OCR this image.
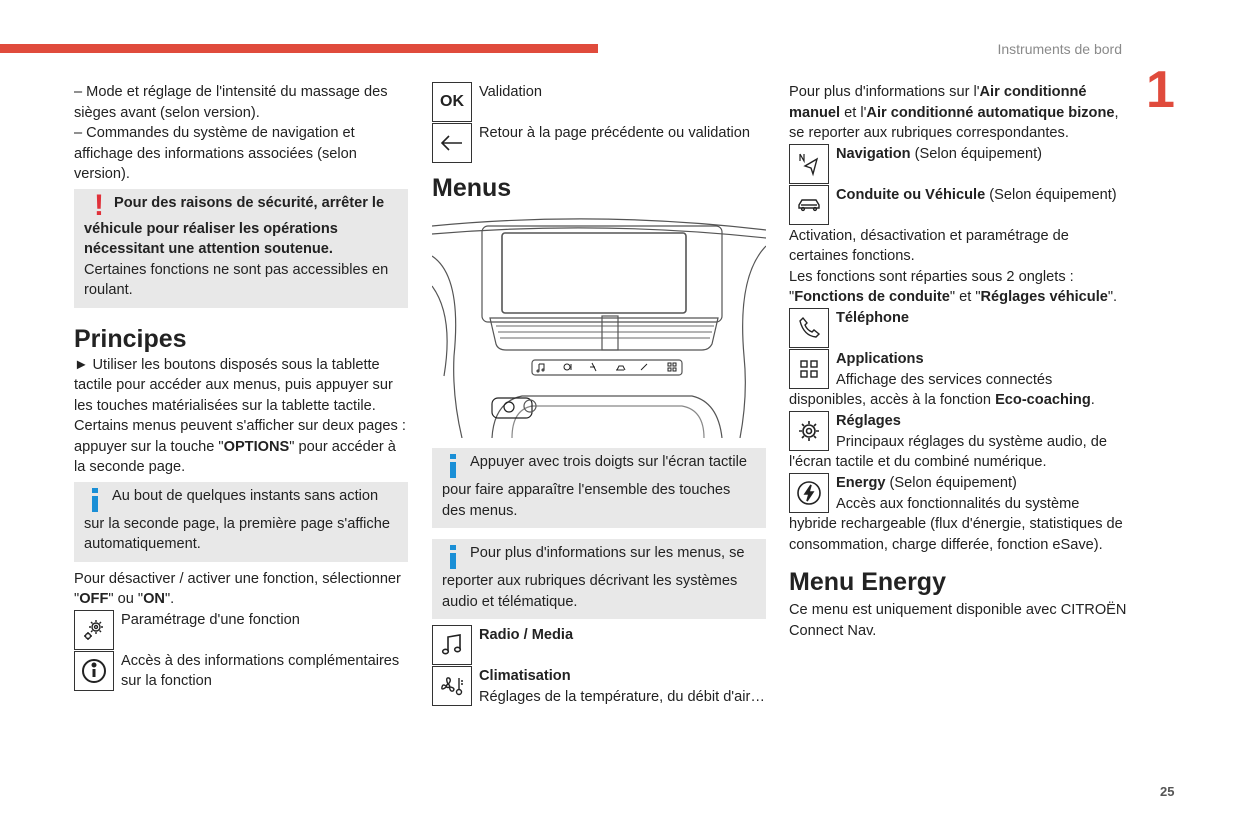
Instruments de bord
1
25

– Mode et réglage de l'intensité du massage des sièges avant (selon version).

– Commandes du système de navigation et affichage des informations associées (selon version).

! Pour des raisons de sécurité, arrêter le véhicule pour réaliser les opérations nécessitant une attention soutenue.

Certaines fonctions ne sont pas accessibles en roulant.

Principes

► Utiliser les boutons disposés sous la tablette tactile pour accéder aux menus, puis appuyer sur les touches matérialisées sur la tablette tactile.

Certains menus peuvent s'afficher sur deux pages : appuyer sur la touche "OPTIONS" pour accéder à la seconde page.

Au bout de quelques instants sans action sur la seconde page, la première page s'affiche automatiquement.

Pour désactiver / activer une fonction, sélectionner "OFF" ou "ON".

Paramétrage d'une fonction
Accès à des informations complémentaires sur la fonction
OK
Validation
Retour à la page précédente ou validation
Menus

Appuyer avec trois doigts sur l'écran tactile pour faire apparaître l'ensemble des touches des menus.

Pour plus d'informations sur les menus, se reporter aux rubriques décrivant les systèmes audio et télématique.

Radio / Media
Climatisation

Réglages de la température, du débit d'air…

Pour plus d'informations sur l'Air conditionné manuel et l'Air conditionné automatique bizone, se reporter aux rubriques correspondantes.

Navigation (Selon équipement)
Conduite ou Véhicule (Selon équipement)

Activation, désactivation et paramétrage de certaines fonctions.

Les fonctions sont réparties sous 2 onglets : "Fonctions de conduite" et "Réglages véhicule".

Téléphone
Applications

Affichage des services connectés disponibles, accès à la fonction Eco-coaching.

Réglages

Principaux réglages du système audio, de l'écran tactile et du combiné numérique.

Energy (Selon équipement)

Accès aux fonctionnalités du système hybride rechargeable (flux d'énergie, statistiques de consommation, charge differée, fonction eSave).

Menu Energy

Ce menu est uniquement disponible avec CITROËN Connect Nav.
